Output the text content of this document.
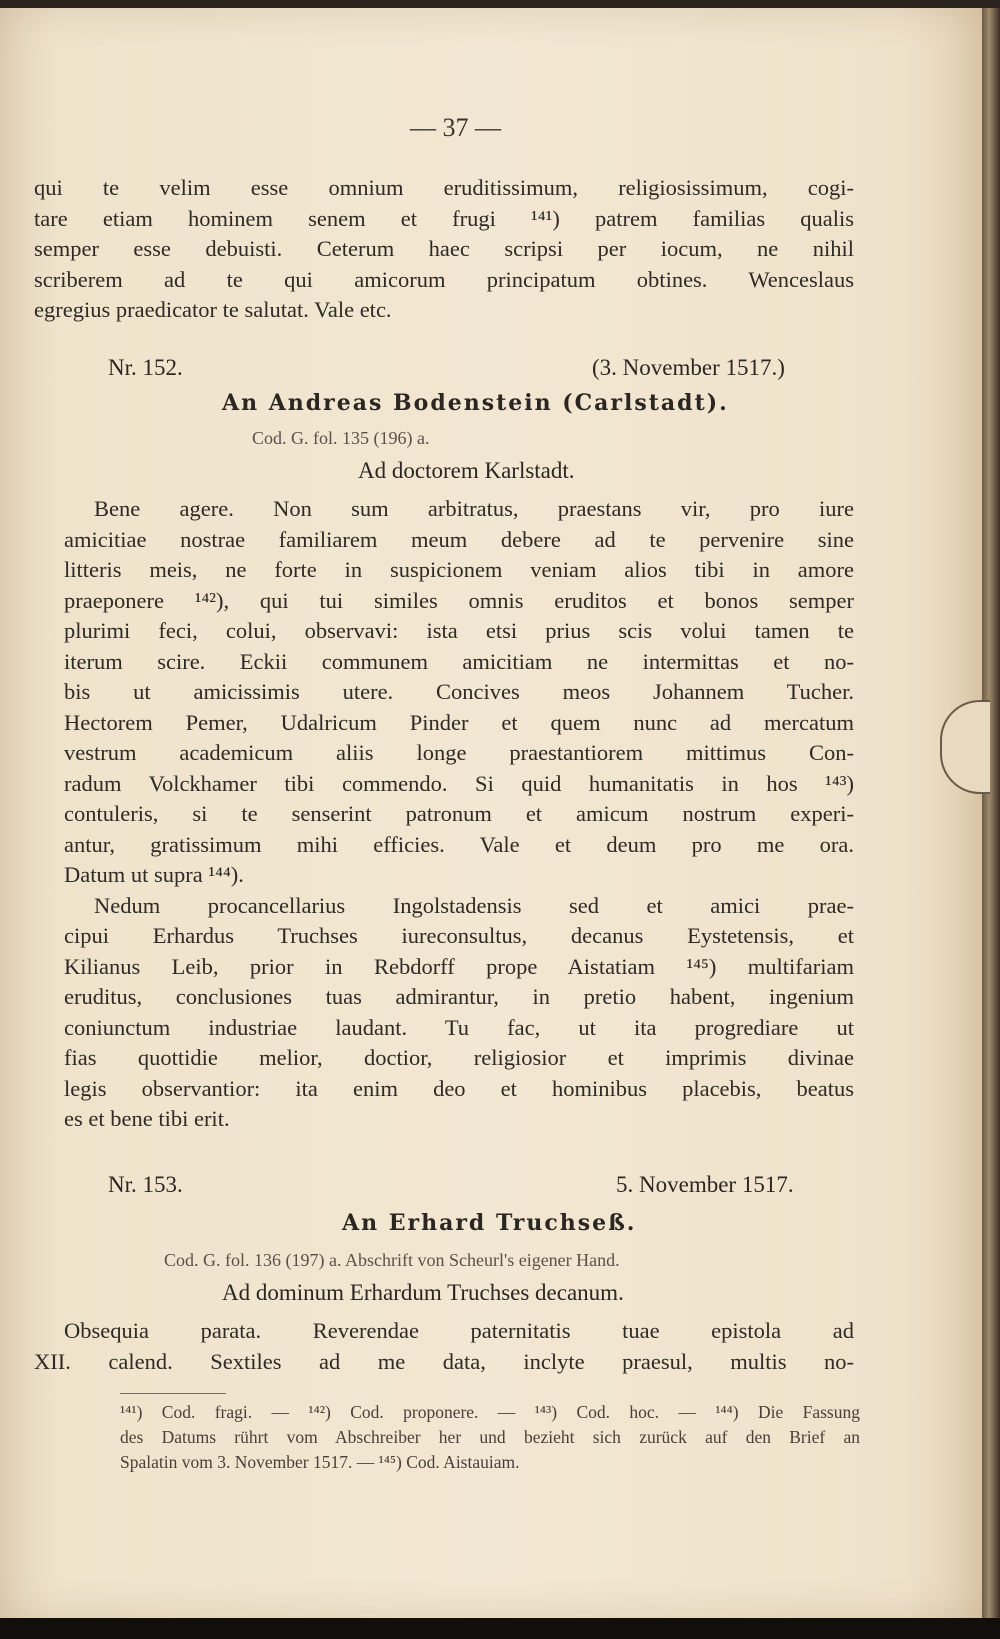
— 37 —
qui te velim esse omnium eruditissimum, religiosissimum, cogi-
tare etiam hominem senem et frugi ¹⁴¹) patrem familias qualis
semper esse debuisti. Ceterum haec scripsi per iocum, ne nihil
scriberem ad te qui amicorum principatum obtines. Wenceslaus
egregius praedicator te salutat. Vale etc.
Nr. 152.	(3. November 1517.)
An Andreas Bodenstein (Carlstadt).
Cod. G. fol. 135 (196) a.
Ad doctorem Karlstadt.
Bene agere. Non sum arbitratus, praestans vir, pro iure
amicitiae nostrae familiarem meum debere ad te pervenire sine
litteris meis, ne forte in suspicionem veniam alios tibi in amore
praeponere ¹⁴²), qui tui similes omnis eruditos et bonos semper
plurimi feci, colui, observavi: ista etsi prius scis volui tamen te
iterum scire. Eckii communem amicitiam ne intermittas et no-
bis ut amicissimis utere. Concives meos Johannem Tucher.
Hectorem Pemer, Udalricum Pinder et quem nunc ad mercatum
vestrum academicum aliis longe praestantiorem mittimus Con-
radum Volckhamer tibi commendo. Si quid humanitatis in hos ¹⁴³)
contuleris, si te senserint patronum et amicum nostrum experi-
antur, gratissimum mihi efficies. Vale et deum pro me ora.
Datum ut supra ¹⁴⁴).
Nedum procancellarius Ingolstadensis sed et amici prae-
cipui Erhardus Truchses iureconsultus, decanus Eystetensis, et
Kilianus Leib, prior in Rebdorff prope Aistatiam ¹⁴⁵) multifariam
eruditus, conclusiones tuas admirantur, in pretio habent, ingenium
coniunctum industriae laudant. Tu fac, ut ita progrediare ut
fias quottidie melior, doctior, religiosior et imprimis divinae
legis observantior: ita enim deo et hominibus placebis, beatus
es et bene tibi erit.
Nr. 153.	5. November 1517.
An Erhard Truchseß.
Cod. G. fol. 136 (197) a. Abschrift von Scheurl's eigener Hand.
Ad dominum Erhardum Truchses decanum.
Obsequia parata. Reverendae paternitatis tuae epistola ad
XII. calend. Sextiles ad me data, inclyte praesul, multis no-
¹⁴¹) Cod. fragi. — ¹⁴²) Cod. proponere. — ¹⁴³) Cod. hoc. — ¹⁴⁴) Die Fassung
des Datums rührt vom Abschreiber her und bezieht sich zurück auf den Brief an
Spalatin vom 3. November 1517. — ¹⁴⁵) Cod. Aistauiam.
